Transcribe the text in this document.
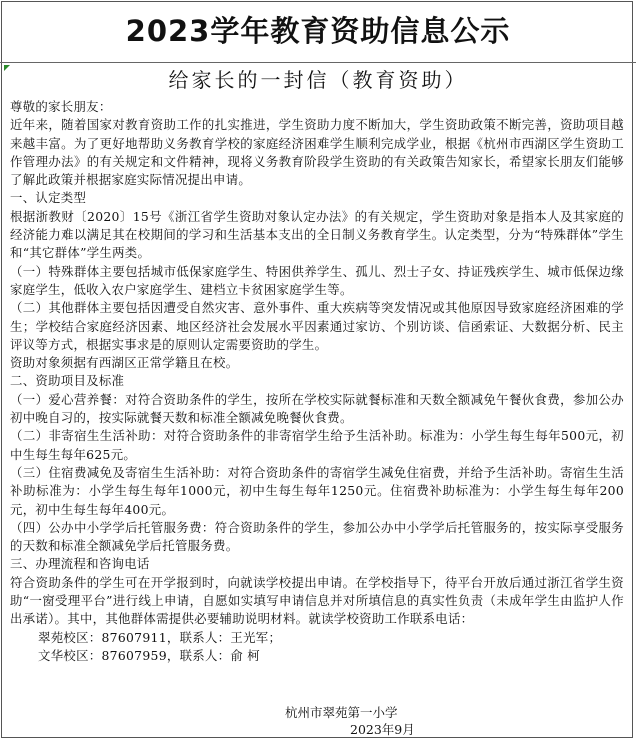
2023学年教育资助信息公示
给家长的一封信（教育资助）

尊敬的家长朋友：

近年来，随着国家对教育资助工作的扎实推进，学生资助力度不断加大，学生资助政策不断完善，资助项目越来越丰富。为了更好地帮助义务教育学校的家庭经济困难学生顺利完成学业，根据《杭州市西湖区学生资助工作管理办法》的有关规定和文件精神，现将义务教育阶段学生资助的有关政策告知家长，希望家长朋友们能够了解此政策并根据家庭实际情况提出申请。

一、认定类型

根据浙教财〔2020〕15号《浙江省学生资助对象认定办法》的有关规定，学生资助对象是指本人及其家庭的经济能力难以满足其在校期间的学习和生活基本支出的全日制义务教育学生。认定类型，分为“特殊群体”学生和“其它群体”学生两类。

（一）特殊群体主要包括城市低保家庭学生、特困供养学生、孤儿、烈士子女、持证残疾学生、城市低保边缘家庭学生，低收入农户家庭学生、建档立卡贫困家庭学生等。

（二）其他群体主要包括因遭受自然灾害、意外事件、重大疾病等突发情况或其他原因导致家庭经济困难的学生；学校结合家庭经济因素、地区经济社会发展水平因素通过家访、个别访谈、信函索证、大数据分析、民主评议等方式，根据实事求是的原则认定需要资助的学生。

资助对象须据有西湖区正常学籍且在校。

二、资助项目及标准

（一）爱心营养餐：对符合资助条件的学生，按所在学校实际就餐标准和天数全额减免午餐伙食费，参加公办初中晚自习的，按实际就餐天数和标准全额减免晚餐伙食费。

（二）非寄宿生生活补助：对符合资助条件的非寄宿学生给予生活补助。标准为：小学生每生每年500元，初中生每生每年625元。

（三）住宿费减免及寄宿生生活补助：对符合资助条件的寄宿学生减免住宿费，并给予生活补助。寄宿生生活补助标准为：小学生每生每年1000元，初中生每生每年1250元。住宿费补助标准为：小学生每生每年200元，初中生每生每年400元。

（四）公办中小学学后托管服务费：符合资助条件的学生，参加公办中小学学后托管服务的，按实际享受服务的天数和标准全额减免学后托管服务费。

三、办理流程和咨询电话

符合资助条件的学生可在开学报到时，向就读学校提出申请。在学校指导下，待平台开放后通过浙江省学生资助“一窗受理平台”进行线上申请，自愿如实填写申请信息并对所填信息的真实性负责（未成年学生由监护人作出承诺）。其中，其他群体需提供必要辅助说明材料。就读学校资助工作联系电话：

翠苑校区：87607911，联系人：王光军；

文华校区：87607959，联系人：俞 柯

杭州市翠苑第一小学
2023年9月
